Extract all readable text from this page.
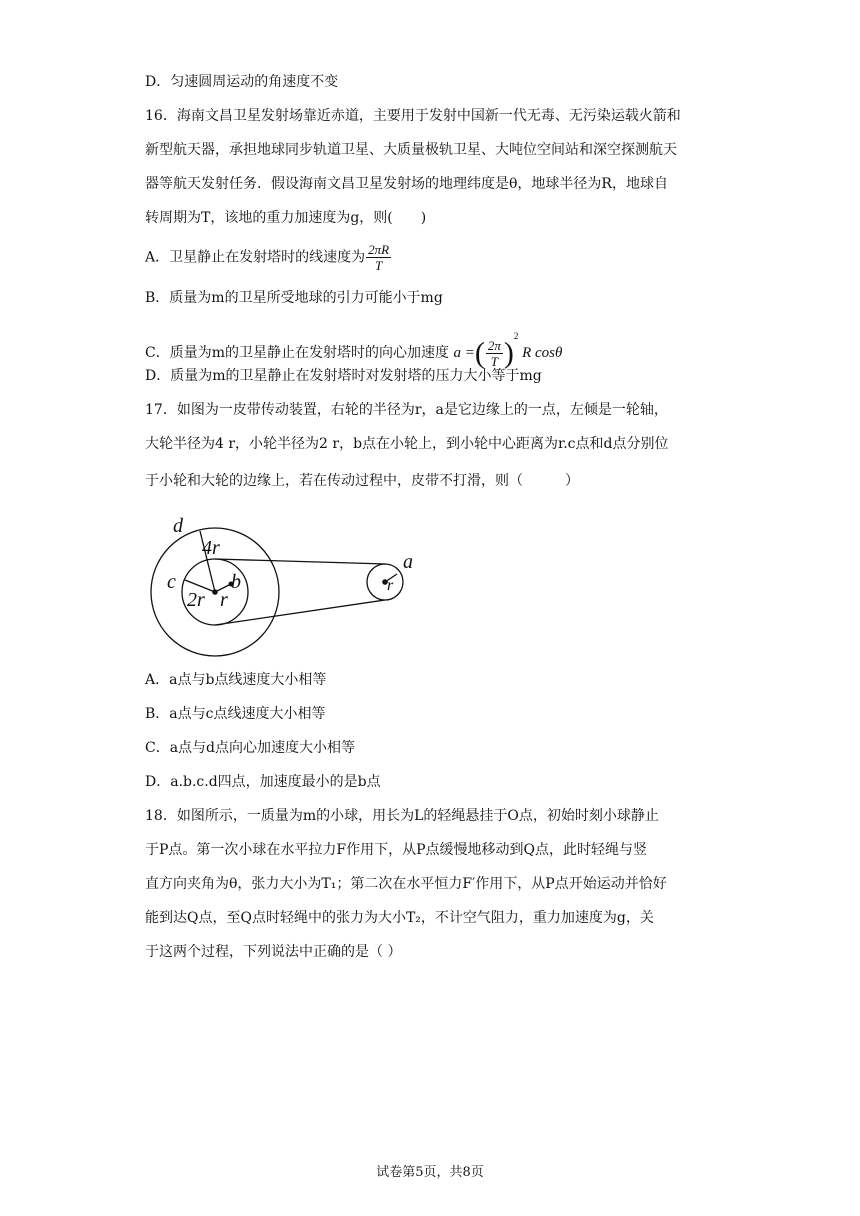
D．匀速圆周运动的角速度不变
16．海南文昌卫星发射场靠近赤道，主要用于发射中国新一代无毒、无污染运载火箭和
新型航天器，承担地球同步轨道卫星、大质量极轨卫星、大吨位空间站和深空探测航天
器等航天发射任务．假设海南文昌卫星发射场的地理纬度是θ，地球半径为R，地球自
转周期为T，该地的重力加速度为g，则(　　)
A．卫星静止在发射塔时的线速度为 $\frac{2\pi R}{T}$
B．质量为m的卫星所受地球的引力可能小于mg
C．质量为m的卫星静止在发射塔时的向心加速度 a =( $\frac{2\pi}{T} )^2$ R cosθ
D．质量为m的卫星静止在发射塔时对发射塔的压力大小等于mg
17．如图为一皮带传动装置，右轮的半径为r，a是它边缘上的一点，左倾是一轮轴，
大轮半径为4 r，小轮半径为2 r，b点在小轮上，到小轮中心距离为r.c点和d点分别位
于小轮和大轮的边缘上，若在传动过程中，皮带不打滑，则（　　　）
d
4r
c	b
2r r
a
r
A．a点与b点线速度大小相等
B．a点与c点线速度大小相等
C．a点与d点向心加速度大小相等
D．a.b.c.d四点，加速度最小的是b点
18．如图所示，一质量为m的小球，用长为L的轻绳悬挂于O点，初始时刻小球静止
于P点。第一次小球在水平拉力F作用下，从P点缓慢地移动到Q点，此时轻绳与竖
直方向夹角为θ，张力大小为T₁；第二次在水平恒力F′作用下，从P点开始运动并恰好
能到达Q点，至Q点时轻绳中的张力为大小T₂，不计空气阻力，重力加速度为g，关
于这两个过程，下列说法中正确的是（ ）
试卷第5页，共8页
